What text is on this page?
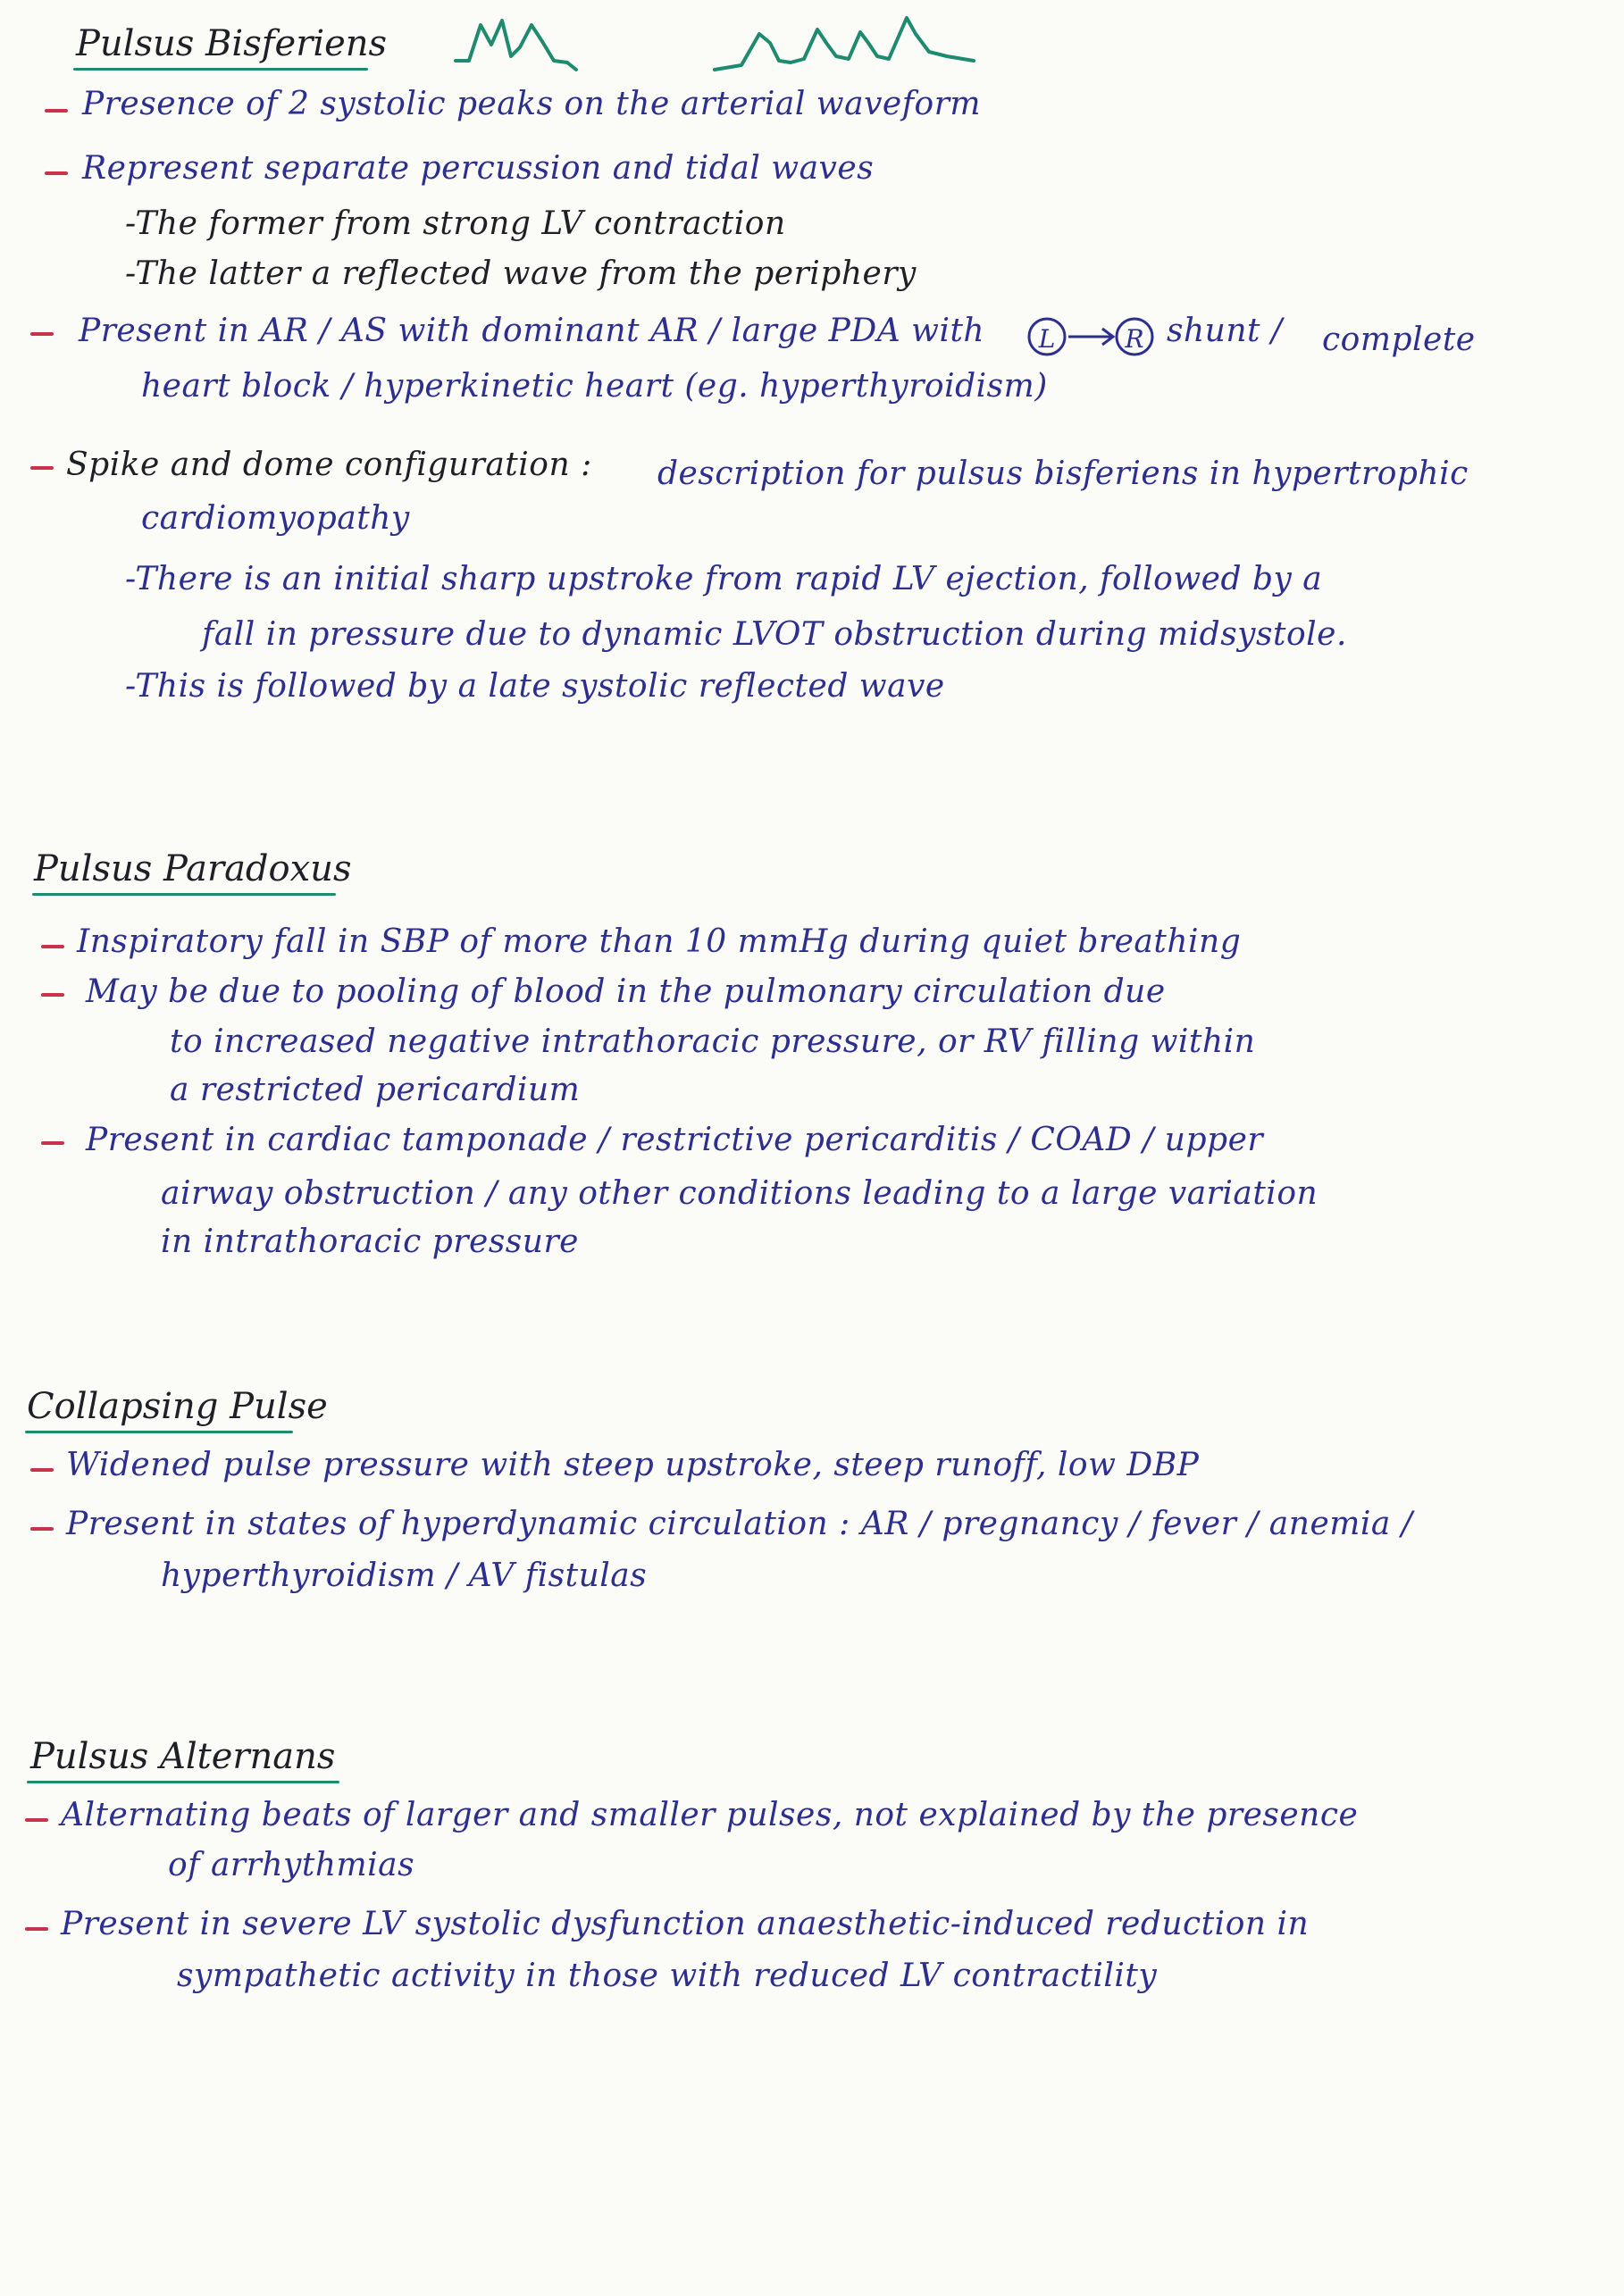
Pulsus Bisferiens
Presence of 2 systolic peaks on the arterial waveform
Represent separate percussion and tidal waves
-The former from strong LV contraction
-The latter a reflected wave from the periphery
Present in AR / AS with dominant AR / large PDA with L	R shunt / complete
heart block / hyperkinetic heart (eg. hyperthyroidism)
Spike and dome configuration : description for pulsus bisferiens in hypertrophic
cardiomyopathy
-There is an initial sharp upstroke from rapid LV ejection, followed by a
fall in pressure due to dynamic LVOT obstruction during midsystole.
-This is followed by a late systolic reflected wave
Pulsus Paradoxus
Inspiratory fall in SBP of more than 10 mmHg during quiet breathing
May be due to pooling of blood in the pulmonary circulation due
to increased negative intrathoracic pressure, or RV filling within
a restricted pericardium
Present in cardiac tamponade / restrictive pericarditis / COAD / upper
airway obstruction / any other conditions leading to a large variation
in intrathoracic pressure
Collapsing Pulse
Widened pulse pressure with steep upstroke, steep runoff, low DBP
Present in states of hyperdynamic circulation : AR / pregnancy / fever / anemia /
hyperthyroidism / AV fistulas
Pulsus Alternans
Alternating beats of larger and smaller pulses, not explained by the presence
of arrhythmias
Present in severe LV systolic dysfunction anaesthetic-induced reduction in
sympathetic activity in those with reduced LV contractility
